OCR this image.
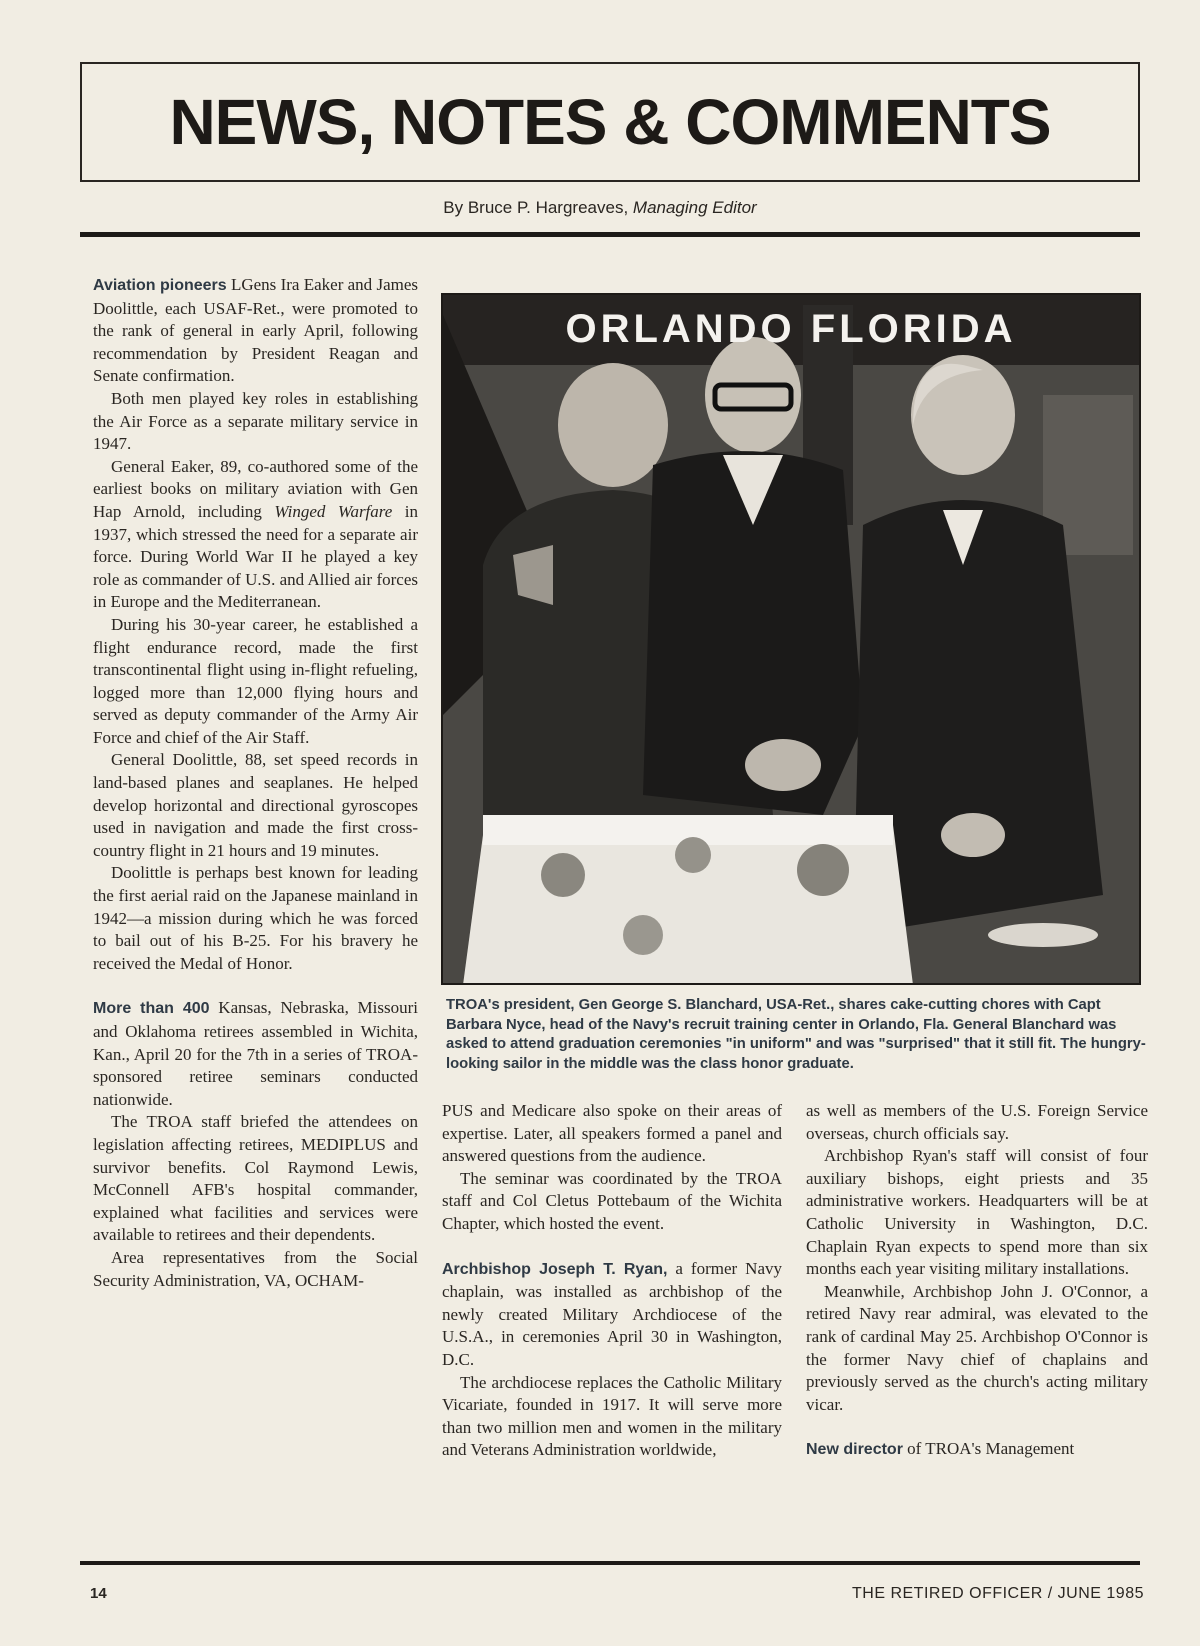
NEWS, NOTES & COMMENTS
By Bruce P. Hargreaves, Managing Editor

Aviation pioneers LGens Ira Eaker and James Doolittle, each USAF-Ret., were promoted to the rank of general in early April, following recommendation by President Reagan and Senate confirmation.

Both men played key roles in establishing the Air Force as a separate military service in 1947.

General Eaker, 89, co-authored some of the earliest books on military aviation with Gen Hap Arnold, including Winged Warfare in 1937, which stressed the need for a separate air force. During World War II he played a key role as commander of U.S. and Allied air forces in Europe and the Mediterranean.

During his 30-year career, he established a flight endurance record, made the first transcontinental flight using in-flight refueling, logged more than 12,000 flying hours and served as deputy commander of the Army Air Force and chief of the Air Staff.

General Doolittle, 88, set speed records in land-based planes and seaplanes. He helped develop horizontal and directional gyroscopes used in navigation and made the first cross-country flight in 21 hours and 19 minutes.

Doolittle is perhaps best known for leading the first aerial raid on the Japanese mainland in 1942—a mission during which he was forced to bail out of his B-25. For his bravery he received the Medal of Honor.

More than 400 Kansas, Nebraska, Missouri and Oklahoma retirees assembled in Wichita, Kan., April 20 for the 7th in a series of TROA-sponsored retiree seminars conducted nationwide.

The TROA staff briefed the attendees on legislation affecting retirees, MEDIPLUS and survivor benefits. Col Raymond Lewis, McConnell AFB's hospital commander, explained what facilities and services were available to retirees and their dependents.

Area representatives from the Social Security Administration, VA, OCHAM-

ORLANDO FLORIDA
TROA's president, Gen George S. Blanchard, USA-Ret., shares cake-cutting chores with Capt Barbara Nyce, head of the Navy's recruit training center in Orlando, Fla. General Blanchard was asked to attend graduation ceremonies "in uniform" and was "surprised" that it still fit. The hungry-looking sailor in the middle was the class honor graduate.

PUS and Medicare also spoke on their areas of expertise. Later, all speakers formed a panel and answered questions from the audience.

The seminar was coordinated by the TROA staff and Col Cletus Pottebaum of the Wichita Chapter, which hosted the event.

Archbishop Joseph T. Ryan, a former Navy chaplain, was installed as archbishop of the newly created Military Archdiocese of the U.S.A., in ceremonies April 30 in Washington, D.C.

The archdiocese replaces the Catholic Military Vicariate, founded in 1917. It will serve more than two million men and women in the military and Veterans Administration worldwide,

as well as members of the U.S. Foreign Service overseas, church officials say.

Archbishop Ryan's staff will consist of four auxiliary bishops, eight priests and 35 administrative workers. Headquarters will be at Catholic University in Washington, D.C. Chaplain Ryan expects to spend more than six months each year visiting military installations.

Meanwhile, Archbishop John J. O'Connor, a retired Navy rear admiral, was elevated to the rank of cardinal May 25. Archbishop O'Connor is the former Navy chief of chaplains and previously served as the church's acting military vicar.

New director of TROA's Management

14	THE RETIRED OFFICER / JUNE 1985
